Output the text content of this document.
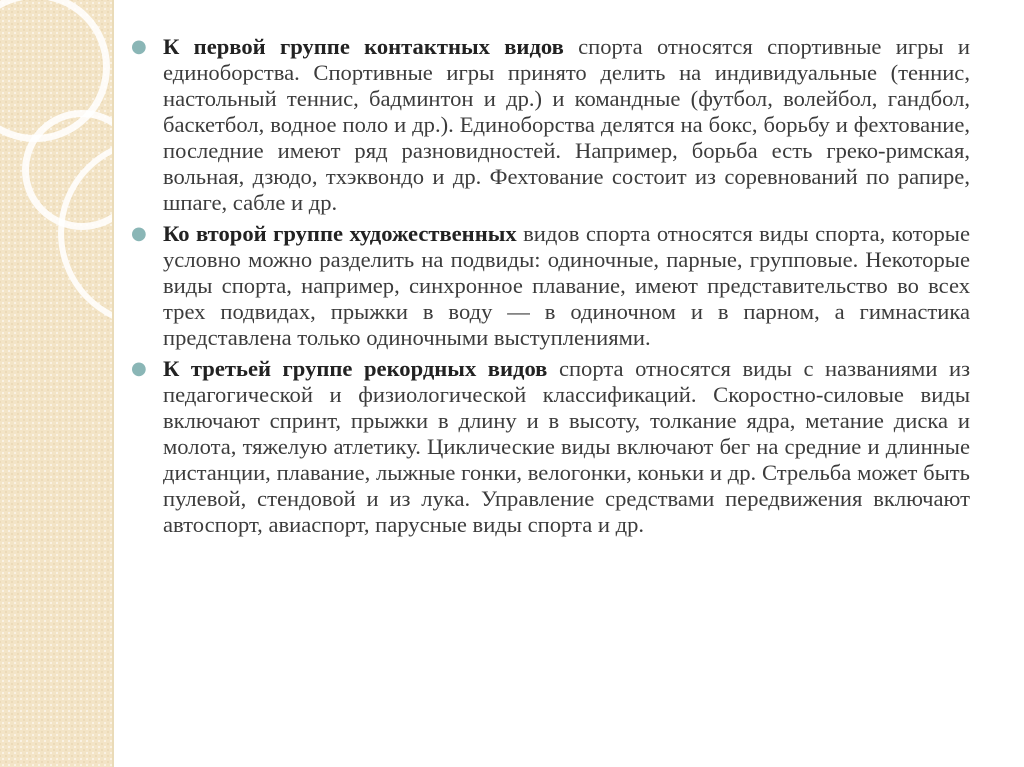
● К первой группе контактных видов спорта относятся спортивные игры и единоборства. Спортивные игры принято делить на индивидуальные (теннис, настольный теннис, бадминтон и др.) и командные (футбол, волейбол, гандбол, баскетбол, водное поло и др.). Единоборства делятся на бокс, борьбу и фехтование, последние имеют ряд разновидностей. Например, борьба есть греко-римская, вольная, дзюдо, тхэквондо и др. Фехтование состоит из соревнований по рапире, шпаге, сабле и др.
● Ко второй группе художественных видов спорта относятся виды спорта, которые условно можно разделить на подвиды: одиночные, парные, групповые. Некоторые виды спорта, например, синхронное плавание, имеют представительство во всех трех подвидах, прыжки в воду — в одиночном и в парном, а гимнастика представлена только одиночными выступлениями.
● К третьей группе рекордных видов спорта относятся виды с названиями из педагогической и физиологической классификаций. Скоростно-силовые виды включают спринт, прыжки в длину и в высоту, толкание ядра, метание диска и молота, тяжелую атлетику. Циклические виды включают бег на средние и длинные дистанции, плавание, лыжные гонки, велогонки, коньки и др. Стрельба может быть пулевой, стендовой и из лука. Управление средствами передвижения включают автоспорт, авиаспорт, парусные виды спорта и др.
